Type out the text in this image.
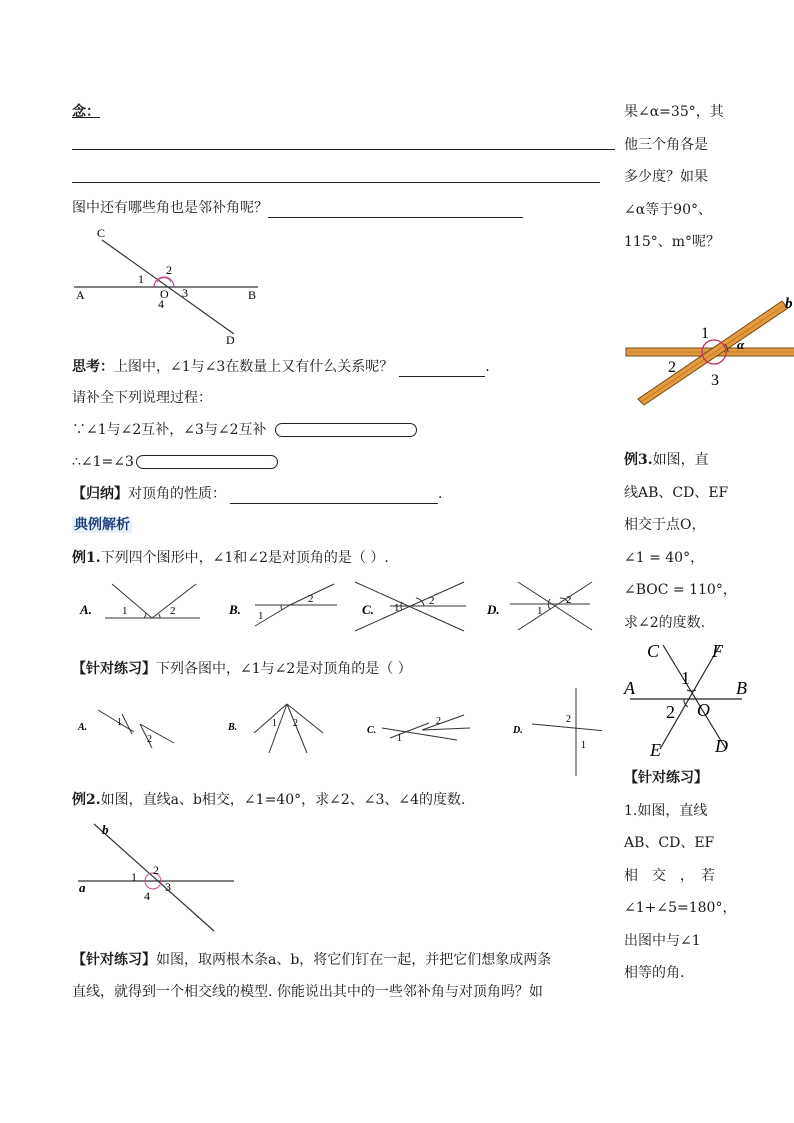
念：
图中还有哪些角也是邻补角呢？
C
A	B
D
O
1
2
3
4
思考：上图中，∠1与∠3在数量上又有什么关系呢？	.
请补全下列说理过程：
∵∠1与∠2互补，∠3与∠2互补
∴∠1=∠3
【归纳】对顶角的性质：	.
典例解析
例1.下列四个图形中，∠1和∠2是对顶角的是（ ）.
A.	1	2	B. 1
2
C. 1
2
D.	1
2
【针对练习】下列各图中，∠1与∠2是对顶角的是（ ）
A.	1
2
B.	1 2
C.
1
2
D.
2
1
例2.如图，直线a、b相交，∠1=40°，求∠2、∠3、∠4的度数.
b
a
1 2
3
4
【针对练习】如图，取两根木条a、b，将它们钉在一起，并把它们想象成两条
直线，就得到一个相交线的模型. 你能说出其中的一些邻补角与对顶角吗？如
果∠α=35°，其
他三个角各是
多少度？如果
∠α等于90°、
115°、m°呢？
b
1
2
3
α
例3.如图，直
线AB、CD、EF
相交于点O，
∠1 = 40°，
∠BOC = 110°，
求∠2的度数.
C	F
A	B
O
E	D
1
2
【针对练习】
1.如图，直线
AB、CD、EF
相　交　，　若
∠1+∠5=180°，
出图中与∠1
相等的角.
